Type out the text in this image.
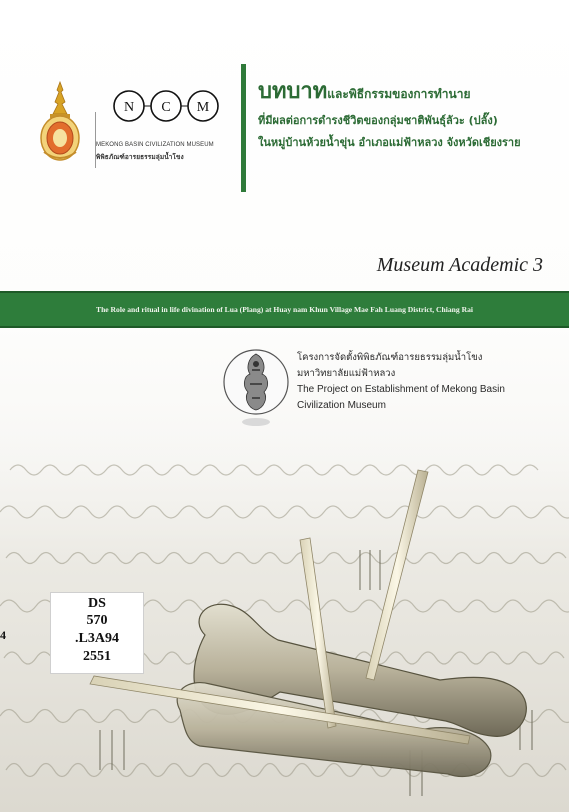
N C M
MEKONG BASIN CIVILIZATION MUSEUM
พิพิธภัณฑ์อารยธรรมลุ่มน้ำโขง
บทบาทและพิธีกรรมของการทำนาย
ที่มีผลต่อการดำรงชีวิตของกลุ่มชาติพันธุ์ลัวะ (ปลั๊ง)
ในหมู่บ้านห้วยน้ำขุ่น อำเภอแม่ฟ้าหลวง จังหวัดเชียงราย
Museum Academic 3
The Role and ritual in life divination of Lua (Plang) at Huay nam Khun Village Mae Fah Luang District, Chiang Rai
โครงการจัดตั้งพิพิธภัณฑ์อารยธรรมลุ่มน้ำโขง
มหาวิทยาลัยแม่ฟ้าหลวง
The Project on Establishment of Mekong Basin
Civilization Museum
DS
570
.L3A94
2551
4
